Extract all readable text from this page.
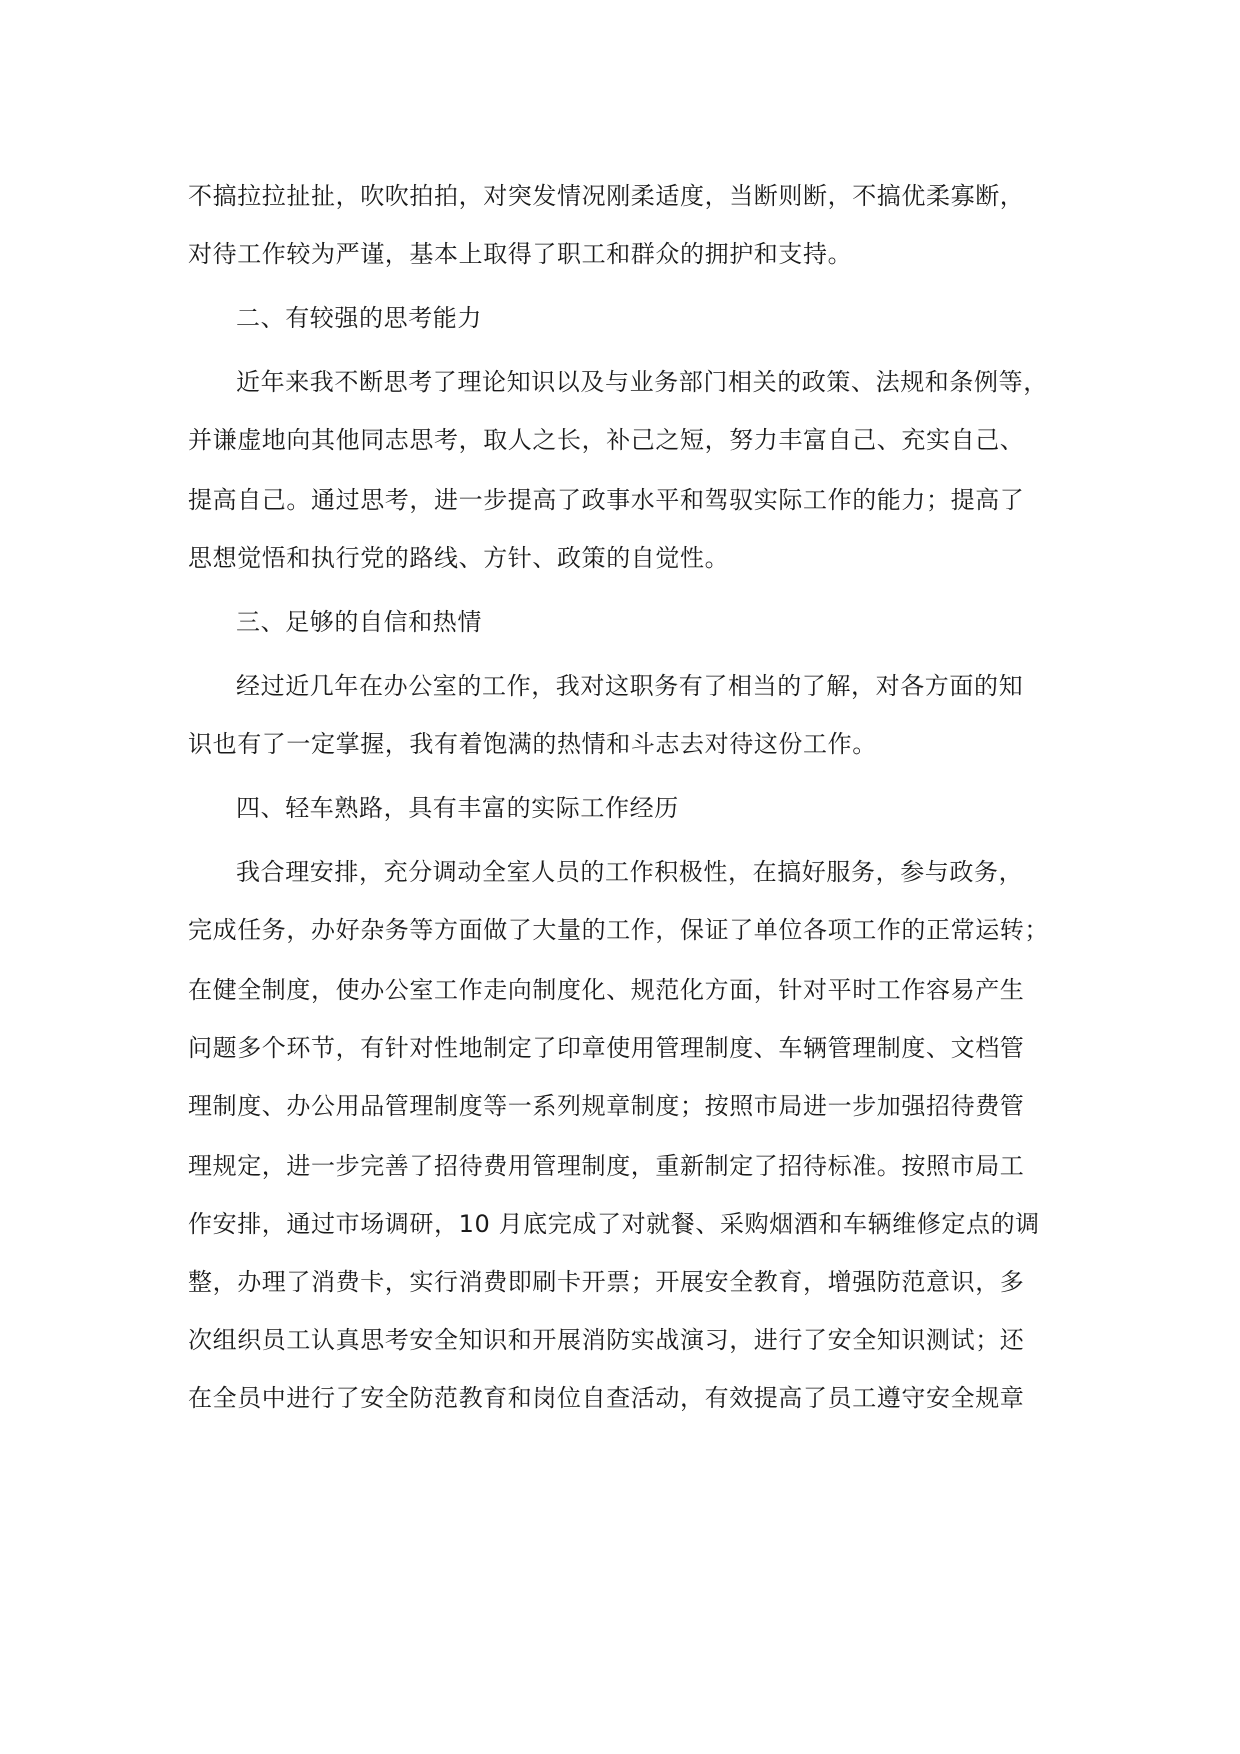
不搞拉拉扯扯，吹吹拍拍，对突发情况刚柔适度，当断则断，不搞优柔寡断，
对待工作较为严谨，基本上取得了职工和群众的拥护和支持。
二、有较强的思考能力
近年来我不断思考了理论知识以及与业务部门相关的政策、法规和条例等，
并谦虚地向其他同志思考，取人之长，补己之短，努力丰富自己、充实自己、
提高自己。通过思考，进一步提高了政事水平和驾驭实际工作的能力；提高了
思想觉悟和执行党的路线、方针、政策的自觉性。
三、足够的自信和热情
经过近几年在办公室的工作，我对这职务有了相当的了解，对各方面的知
识也有了一定掌握，我有着饱满的热情和斗志去对待这份工作。
四、轻车熟路，具有丰富的实际工作经历
我合理安排，充分调动全室人员的工作积极性，在搞好服务，参与政务，
完成任务，办好杂务等方面做了大量的工作，保证了单位各项工作的正常运转；
在健全制度，使办公室工作走向制度化、规范化方面，针对平时工作容易产生
问题多个环节，有针对性地制定了印章使用管理制度、车辆管理制度、文档管
理制度、办公用品管理制度等一系列规章制度；按照市局进一步加强招待费管
理规定，进一步完善了招待费用管理制度，重新制定了招待标准。按照市局工
作安排，通过市场调研，10 月底完成了对就餐、采购烟酒和车辆维修定点的调
整，办理了消费卡，实行消费即刷卡开票；开展安全教育，增强防范意识，多
次组织员工认真思考安全知识和开展消防实战演习，进行了安全知识测试；还
在全员中进行了安全防范教育和岗位自查活动，有效提高了员工遵守安全规章
